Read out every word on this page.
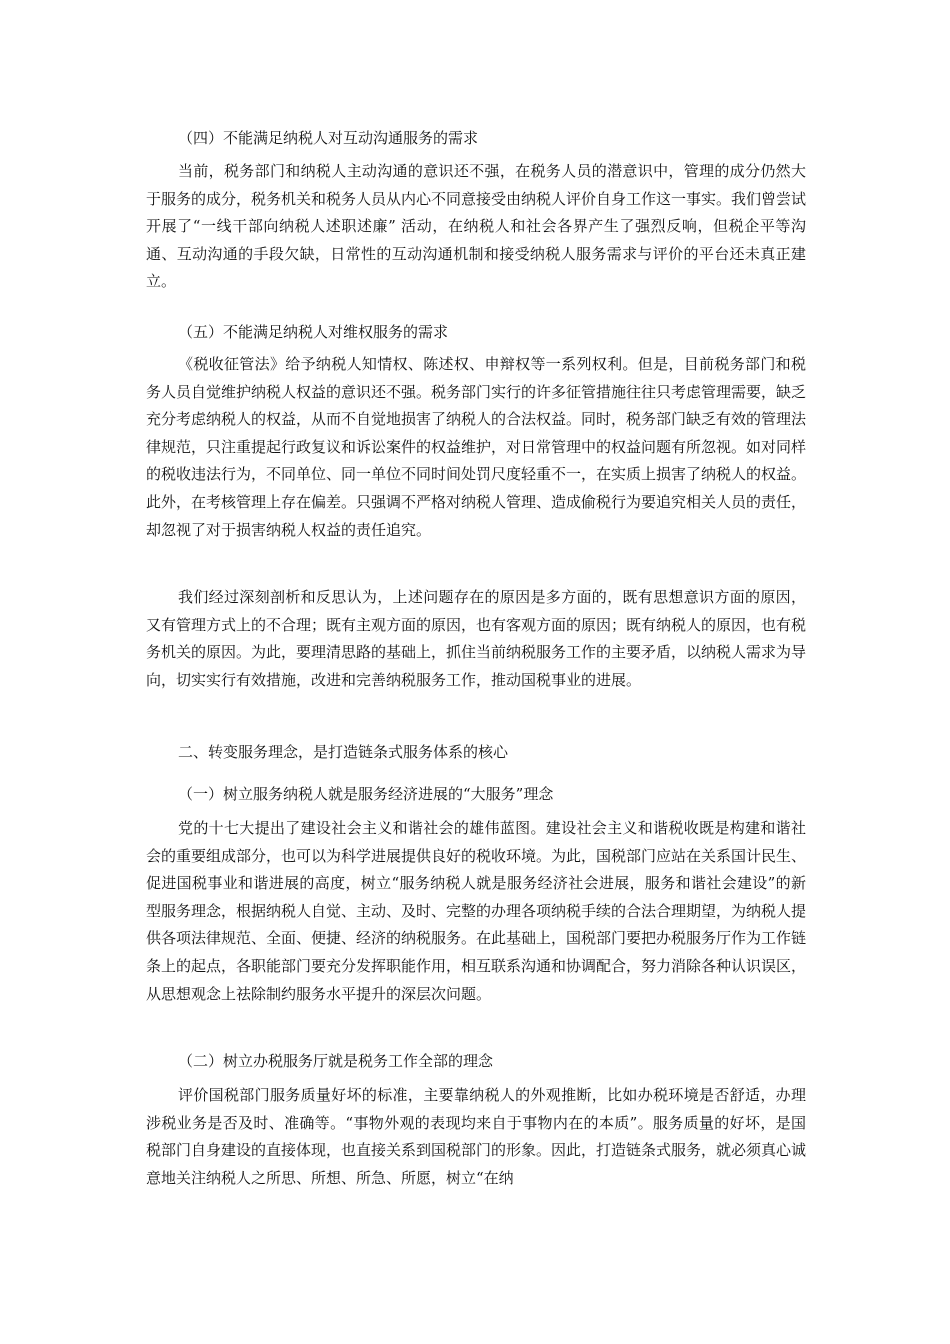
（四）不能满足纳税人对互动沟通服务的需求

当前，税务部门和纳税人主动沟通的意识还不强，在税务人员的潜意识中，管理的成分仍然大于服务的成分，税务机关和税务人员从内心不同意接受由纳税人评价自身工作这一事实。我们曾尝试开展了“一线干部向纳税人述职述廉” 活动，在纳税人和社会各界产生了强烈反响，但税企平等沟通、互动沟通的手段欠缺，日常性的互动沟通机制和接受纳税人服务需求与评价的平台还未真正建立。

（五）不能满足纳税人对维权服务的需求

《税收征管法》给予纳税人知情权、陈述权、申辩权等一系列权利。但是，目前税务部门和税务人员自觉维护纳税人权益的意识还不强。税务部门实行的许多征管措施往往只考虑管理需要，缺乏充分考虑纳税人的权益，从而不自觉地损害了纳税人的合法权益。同时，税务部门缺乏有效的管理法律规范，只注重提起行政复议和诉讼案件的权益维护，对日常管理中的权益问题有所忽视。如对同样的税收违法行为，不同单位、同一单位不同时间处罚尺度轻重不一，在实质上损害了纳税人的权益。此外，在考核管理上存在偏差。只强调不严格对纳税人管理、造成偷税行为要追究相关人员的责任，却忽视了对于损害纳税人权益的责任追究。

我们经过深刻剖析和反思认为，上述问题存在的原因是多方面的，既有思想意识方面的原因，又有管理方式上的不合理；既有主观方面的原因，也有客观方面的原因；既有纳税人的原因，也有税务机关的原因。为此，要理清思路的基础上，抓住当前纳税服务工作的主要矛盾，以纳税人需求为导向，切实实行有效措施，改进和完善纳税服务工作，推动国税事业的进展。

二、转变服务理念，是打造链条式服务体系的核心
（一）树立服务纳税人就是服务经济进展的“大服务”理念

党的十七大提出了建设社会主义和谐社会的雄伟蓝图。建设社会主义和谐税收既是构建和谐社会的重要组成部分，也可以为科学进展提供良好的税收环境。为此，国税部门应站在关系国计民生、促进国税事业和谐进展的高度，树立“服务纳税人就是服务经济社会进展，服务和谐社会建设”的新型服务理念，根据纳税人自觉、主动、及时、完整的办理各项纳税手续的合法合理期望，为纳税人提供各项法律规范、全面、便捷、经济的纳税服务。在此基础上，国税部门要把办税服务厅作为工作链条上的起点，各职能部门要充分发挥职能作用，相互联系沟通和协调配合，努力消除各种认识误区，从思想观念上祛除制约服务水平提升的深层次问题。

（二）树立办税服务厅就是税务工作全部的理念

评价国税部门服务质量好坏的标准，主要靠纳税人的外观推断，比如办税环境是否舒适，办理涉税业务是否及时、准确等。“事物外观的表现均来自于事物内在的本质”。服务质量的好坏，是国税部门自身建设的直接体现，也直接关系到国税部门的形象。因此，打造链条式服务，就必须真心诚意地关注纳税人之所思、所想、所急、所愿，树立“在纳
